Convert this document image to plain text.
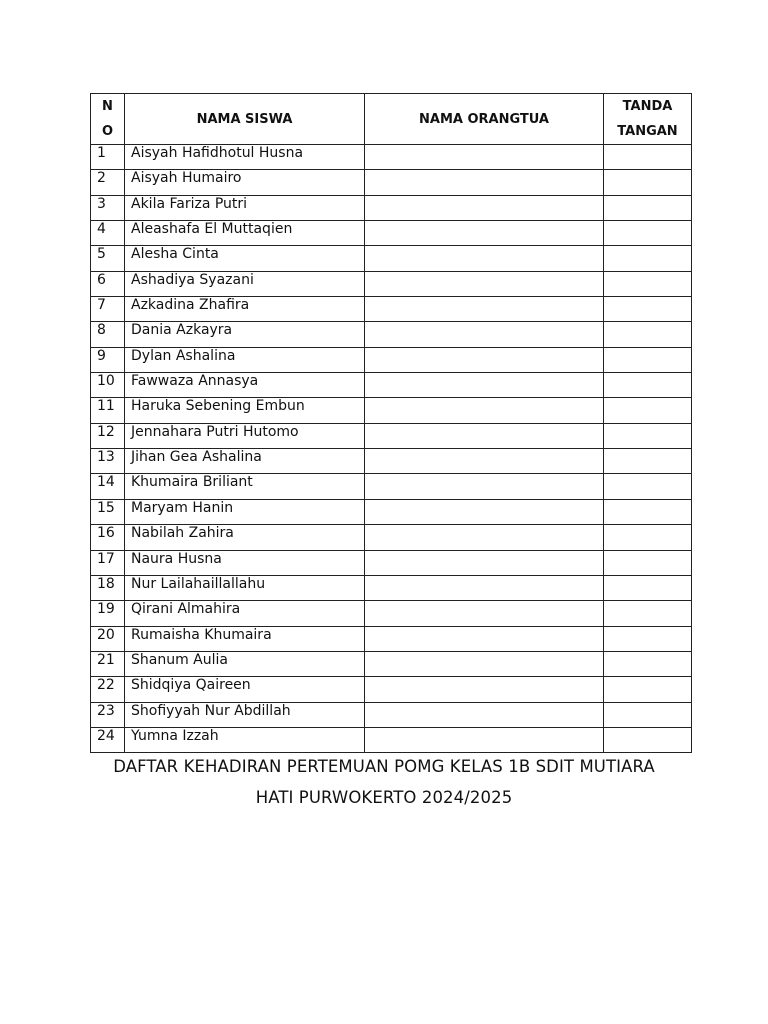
N
O	NAMA SISWA	NAMA ORANGTUA	TANDA
TANGAN

1	Aisyah Hafidhotul Husna		
2	Aisyah Humairo		
3	Akila Fariza Putri		
4	Aleashafa El Muttaqien		
5	Alesha Cinta		
6	Ashadiya Syazani		
7	Azkadina Zhafira		
8	Dania Azkayra		
9	Dylan Ashalina		
10	Fawwaza Annasya		
11	Haruka Sebening Embun		
12	Jennahara Putri Hutomo		
13	Jihan Gea Ashalina		
14	Khumaira Briliant		
15	Maryam Hanin		
16	Nabilah Zahira		
17	Naura Husna		
18	Nur Lailahaillallahu		
19	Qirani Almahira		
20	Rumaisha Khumaira		
21	Shanum Aulia		
22	Shidqiya Qaireen		
23	Shofiyyah Nur Abdillah		
24	Yumna Izzah		
DAFTAR KEHADIRAN PERTEMUAN POMG KELAS 1B SDIT MUTIARA
HATI PURWOKERTO 2024/2025
